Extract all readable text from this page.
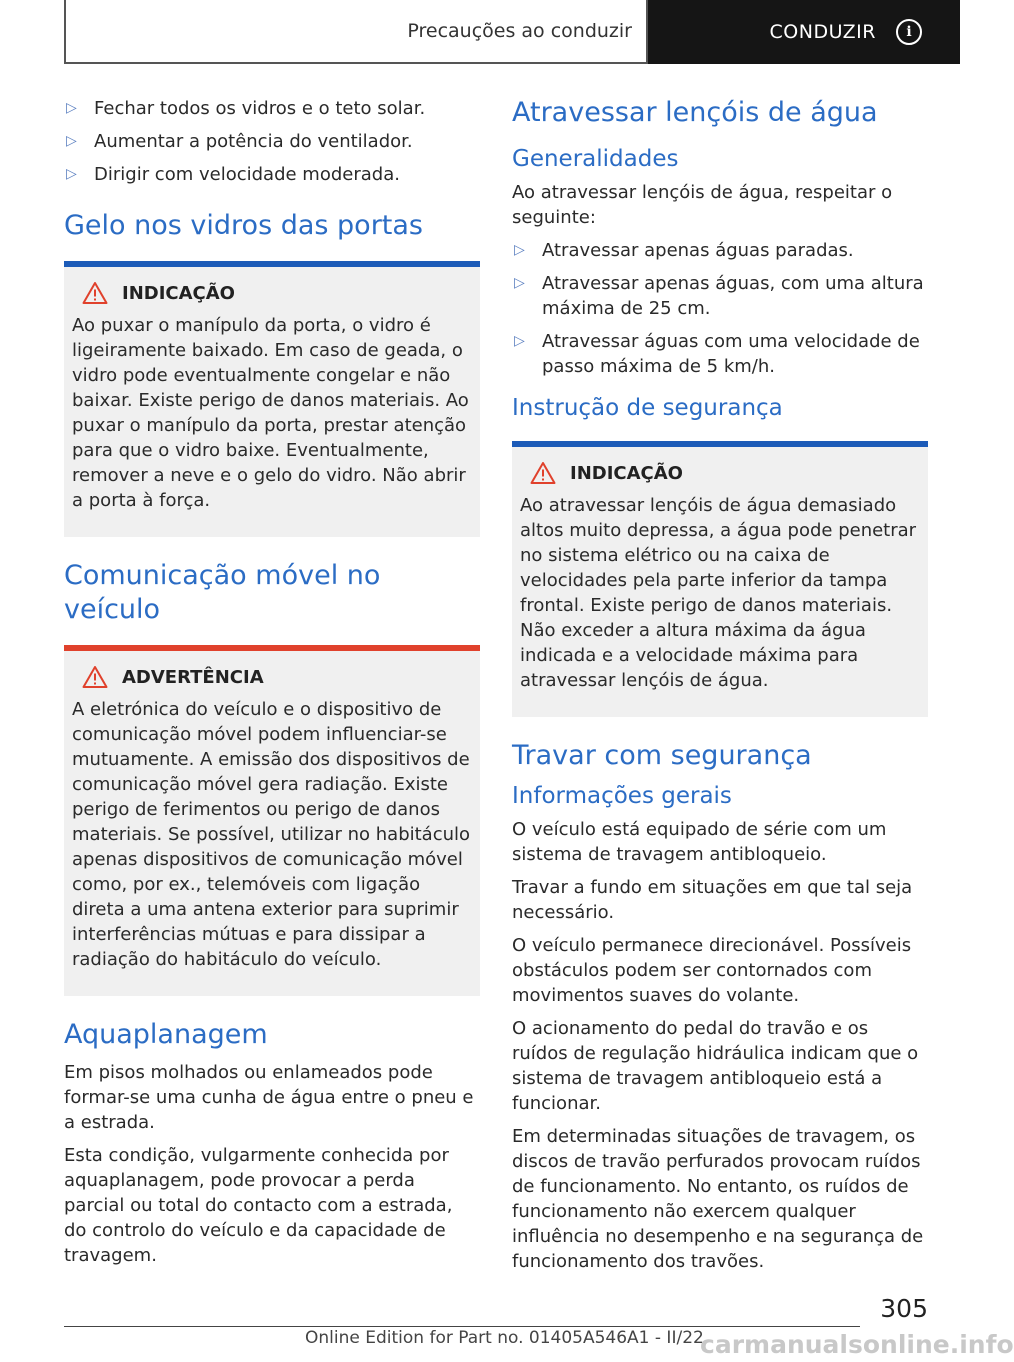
Precauções ao conduzir	CONDUZIR	i
▷ Fechar todos os vidros e o teto solar.
▷ Aumentar a potência do ventilador.
▷ Dirigir com velocidade moderada.
Gelo nos vidros das portas
INDICAÇÃO

Ao puxar o manípulo da porta, o vidro é ligeiramente baixado. Em caso de geada, o vidro pode eventualmente congelar e não baixar. Existe perigo de danos materiais. Ao puxar o manípulo da porta, prestar atenção para que o vidro baixe. Eventualmente, remover a neve e o gelo do vidro. Não abrir a porta à força.

Comunicação móvel no veículo
ADVERTÊNCIA

A eletrónica do veículo e o dispositivo de comunicação móvel podem influenciar-se mutuamente. A emissão dos dispositivos de comunicação móvel gera radiação. Existe perigo de ferimentos ou perigo de danos materiais. Se possível, utilizar no habitáculo apenas dispositivos de comunicação móvel como, por ex., telemóveis com ligação direta a uma antena exterior para suprimir interferências mútuas e para dissipar a radiação do habitáculo do veículo.

Aquaplanagem

Em pisos molhados ou enlameados pode formar-se uma cunha de água entre o pneu e a estrada.

Esta condição, vulgarmente conhecida por aquaplanagem, pode provocar a perda parcial ou total do contacto com a estrada, do controlo do veículo e da capacidade de travagem.

Atravessar lençóis de água
Generalidades

Ao atravessar lençóis de água, respeitar o seguinte:

▷ Atravessar apenas águas paradas.
▷ Atravessar apenas águas, com uma altura máxima de 25 cm.
▷ Atravessar águas com uma velocidade de passo máxima de 5 km/h.
Instrução de segurança
INDICAÇÃO

Ao atravessar lençóis de água demasiado altos muito depressa, a água pode penetrar no sistema elétrico ou na caixa de velocidades pela parte inferior da tampa frontal. Existe perigo de danos materiais. Não exceder a altura máxima da água indicada e a velocidade máxima para atravessar lençóis de água.

Travar com segurança
Informações gerais

O veículo está equipado de série com um sistema de travagem antibloqueio.

Travar a fundo em situações em que tal seja necessário.

O veículo permanece direcionável. Possíveis obstáculos podem ser contornados com movimentos suaves do volante.

O acionamento do pedal do travão e os ruídos de regulação hidráulica indicam que o sistema de travagem antibloqueio está a funcionar.

Em determinadas situações de travagem, os discos de travão perfurados provocam ruídos de funcionamento. No entanto, os ruídos de funcionamento não exercem qualquer influência no desempenho e na segurança de funcionamento dos travões.

305
Online Edition for Part no. 01405A546A1 - II/22
carmanualsonline.info
